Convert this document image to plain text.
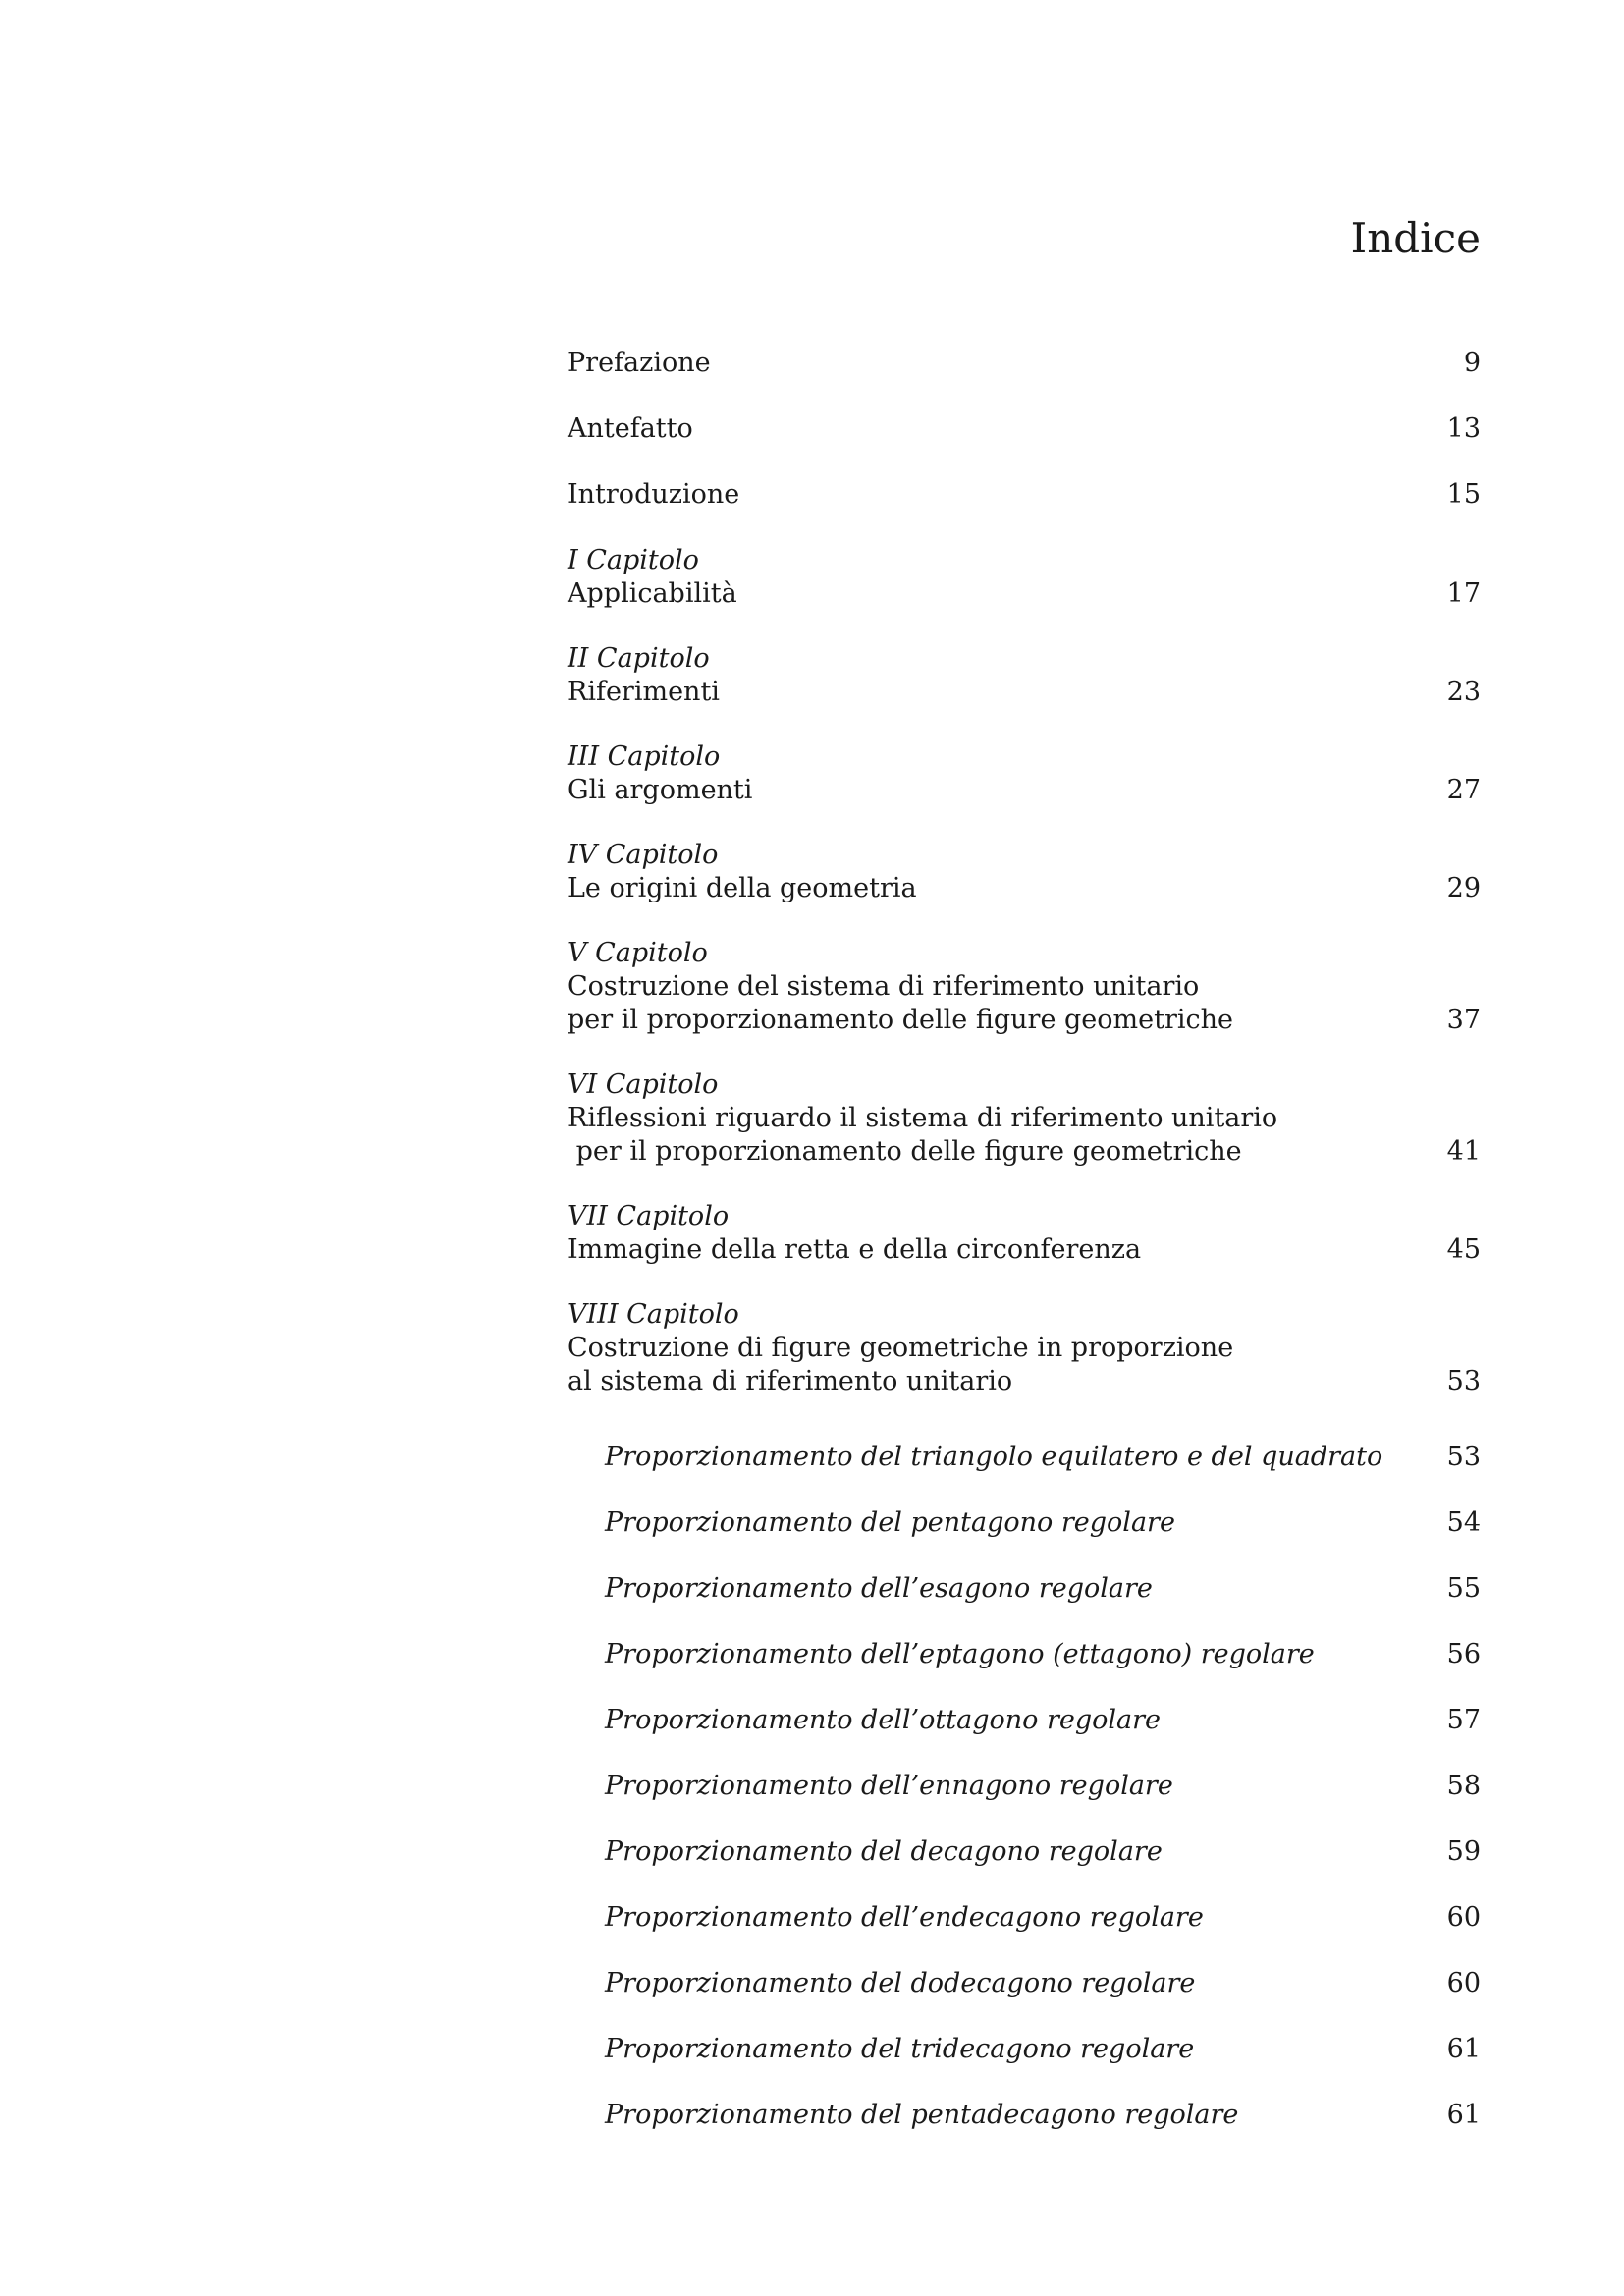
Indice
Prefazione	9
Antefatto	13
Introduzione	15
I Capitolo
Applicabilità	17
II Capitolo
Riferimenti	23
III Capitolo
Gli argomenti	27
IV Capitolo
Le origini della geometria	29
V Capitolo
Costruzione del sistema di riferimento unitario
per il proporzionamento delle figure geometriche	37
VI Capitolo
Riflessioni riguardo il sistema di riferimento unitario
per il proporzionamento delle figure geometriche	41
VII Capitolo
Immagine della retta e della circonferenza	45
VIII Capitolo
Costruzione di figure geometriche in proporzione
al sistema di riferimento unitario	53
Proporzionamento del triangolo equilatero e del quadrato	53
Proporzionamento del pentagono regolare	54
Proporzionamento dell’esagono regolare	55
Proporzionamento dell’eptagono (ettagono) regolare	56
Proporzionamento dell’ottagono regolare	57
Proporzionamento dell’ennagono regolare	58
Proporzionamento del decagono regolare	59
Proporzionamento dell’endecagono regolare	60
Proporzionamento del dodecagono regolare	60
Proporzionamento del tridecagono regolare	61
Proporzionamento del pentadecagono regolare	61
